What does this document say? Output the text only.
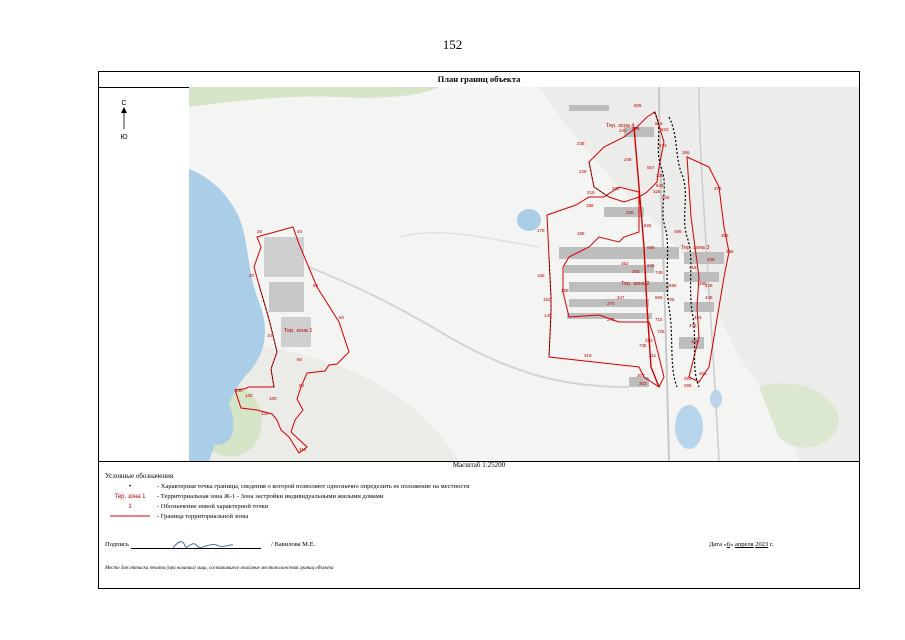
152
План границ объекта
С
Ю
Тер. зона 1
Тер. зона 2
Тер. зона 3
Тер. зона 4
30	40
20
50
60
10
80
90
140
130
100
120
110
238
228
218
248
242
188
198
178
168
162
158
149
270
276
347
319
307
303
311
283
296
292
333
326
336
326
352
258
245
685
605
596
615
622
573
366
376
386
396
406
416
426
436
446
456
466
476
486
496
557
546
536
625
665
695
705
715
725
735
745
Масштаб 1:25200
Условные обозначения
•	- Характерная точка границы, сведения о которой позволяют однозначно определить ее положение на местности
Тер. зона 1	- Территориальная зона Ж-1 - Зона застройки индивидуальными жилыми домами
1	- Обозначение новой характерной точки
- Граница территориальной зоны
Подпись	/ Вавилова М.Е.	Дата «6» апреля 2023 г.
Место для оттиска печати (при наличии) лица, составившего описание местоположения границ объекта
